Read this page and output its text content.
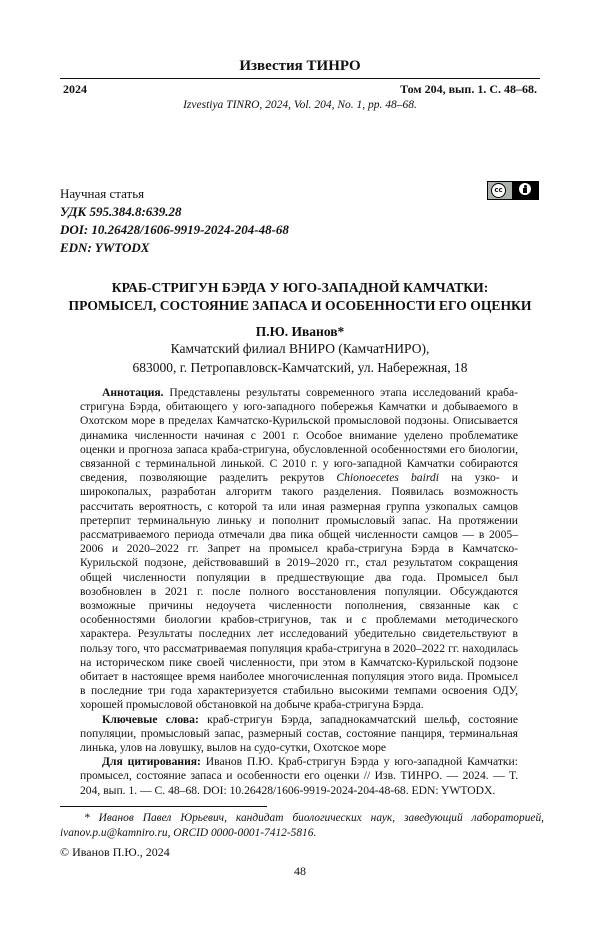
Известия ТИНРО
2024	Том 204, вып. 1. С. 48–68.
Izvestiya TINRO, 2024, Vol. 204, No. 1, pp. 48–68.
Научная статья
УДК 595.384.8:639.28
DOI: 10.26428/1606-9919-2024-204-48-68
EDN: YWTODX
cc
КРАБ-СТРИГУН БЭРДА У ЮГО-ЗАПАДНОЙ КАМЧАТКИ:
ПРОМЫСЕЛ, СОСТОЯНИЕ ЗАПАСА И ОСОБЕННОСТИ ЕГО ОЦЕНКИ
П.Ю. Иванов*
Камчатский филиал ВНИРО (КамчатНИРО),
683000, г. Петропавловск-Камчатский, ул. Набережная, 18

Аннотация. Представлены результаты современного этапа исследований краба-стригуна Бэрда, обитающего у юго-западного побережья Камчатки и добываемого в Охотском море в пределах Камчатско-Курильской промысловой подзоны. Описывается динамика численности начиная с 2001 г. Особое внимание уделено проблематике оценки и прогноза запаса краба-стригуна, обусловленной особенностями его биологии, связанной с терминальной линькой. С 2010 г. у юго-западной Камчатки собираются сведения, позволяющие разделить рекрутов Chionoecetes bairdi на узко- и широкопалых, разработан алгоритм такого разделения. Появилась возможность рассчитать вероятность, с которой та или иная размерная группа узкопалых самцов претерпит терминальную линьку и пополнит промысловый запас. На протяжении рассматриваемого периода отмечали два пика общей численности самцов — в 2005–2006 и 2020–2022 гг. Запрет на промысел краба-стригуна Бэрда в Камчатско-Курильской подзоне, действовавший в 2019–2020 гг., стал результатом сокращения общей численности популяции в предшествующие два года. Промысел был возобновлен в 2021 г. после полного восстановления популяции. Обсуждаются возможные причины недоучета численности пополнения, связанные как с особенностями биологии крабов-стригунов, так и с проблемами методического характера. Результаты последних лет исследований убедительно свидетельствуют в пользу того, что рассматриваемая популяция краба-стригуна в 2020–2022 гг. находилась на историческом пике своей численности, при этом в Камчатско-Курильской подзоне обитает в настоящее время наиболее многочисленная популяция этого вида. Промысел в последние три года характеризуется стабильно высокими темпами освоения ОДУ, хорошей промысловой обстановкой на добыче краба-стригуна Бэрда.

Ключевые слова: краб-стригун Бэрда, западнокамчатский шельф, состояние популяции, промысловый запас, размерный состав, состояние панциря, терминальная линька, улов на ловушку, вылов на судо-сутки, Охотское море

Для цитирования: Иванов П.Ю. Краб-стригун Бэрда у юго-западной Камчатки: промысел, состояние запаса и особенности его оценки // Изв. ТИНРО. — 2024. — Т. 204, вып. 1. — С. 48–68. DOI: 10.26428/1606-9919-2024-204-48-68. EDN: YWTODX.

* Иванов Павел Юрьевич, кандидат биологических наук, заведующий лабораторией, ivanov.p.u@kamniro.ru, ORCID 0000-0001-7412-5816.
© Иванов П.Ю., 2024
48
